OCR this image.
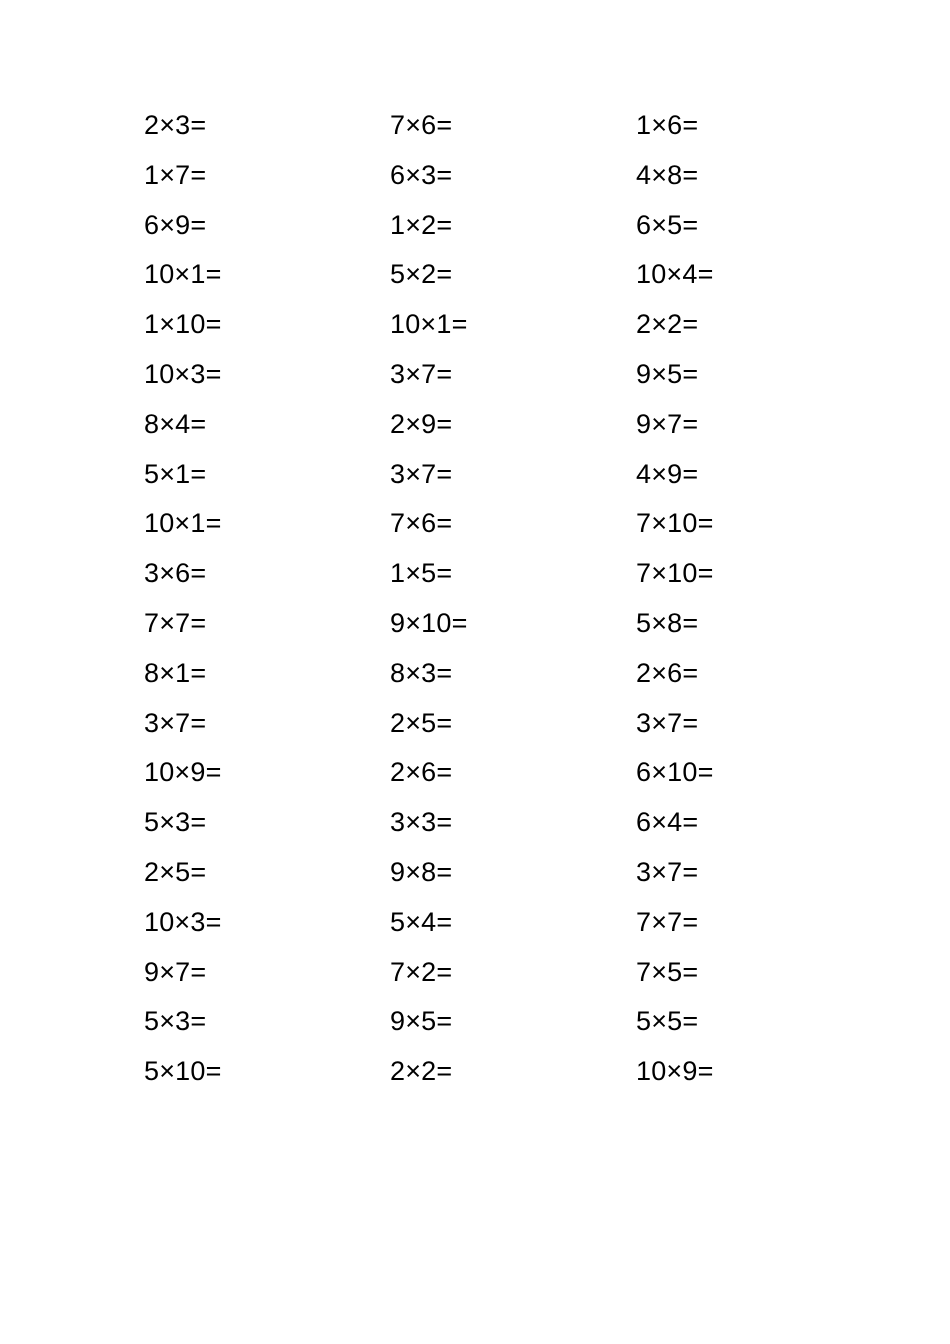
2×3=
1×7=
6×9=
10×1=
1×10=
10×3=
8×4=
5×1=
10×1=
3×6=
7×7=
8×1=
3×7=
10×9=
5×3=
2×5=
10×3=
9×7=
5×3=
5×10=
7×6=
6×3=
1×2=
5×2=
10×1=
3×7=
2×9=
3×7=
7×6=
1×5=
9×10=
8×3=
2×5=
2×6=
3×3=
9×8=
5×4=
7×2=
9×5=
2×2=
1×6=
4×8=
6×5=
10×4=
2×2=
9×5=
9×7=
4×9=
7×10=
7×10=
5×8=
2×6=
3×7=
6×10=
6×4=
3×7=
7×7=
7×5=
5×5=
10×9=
